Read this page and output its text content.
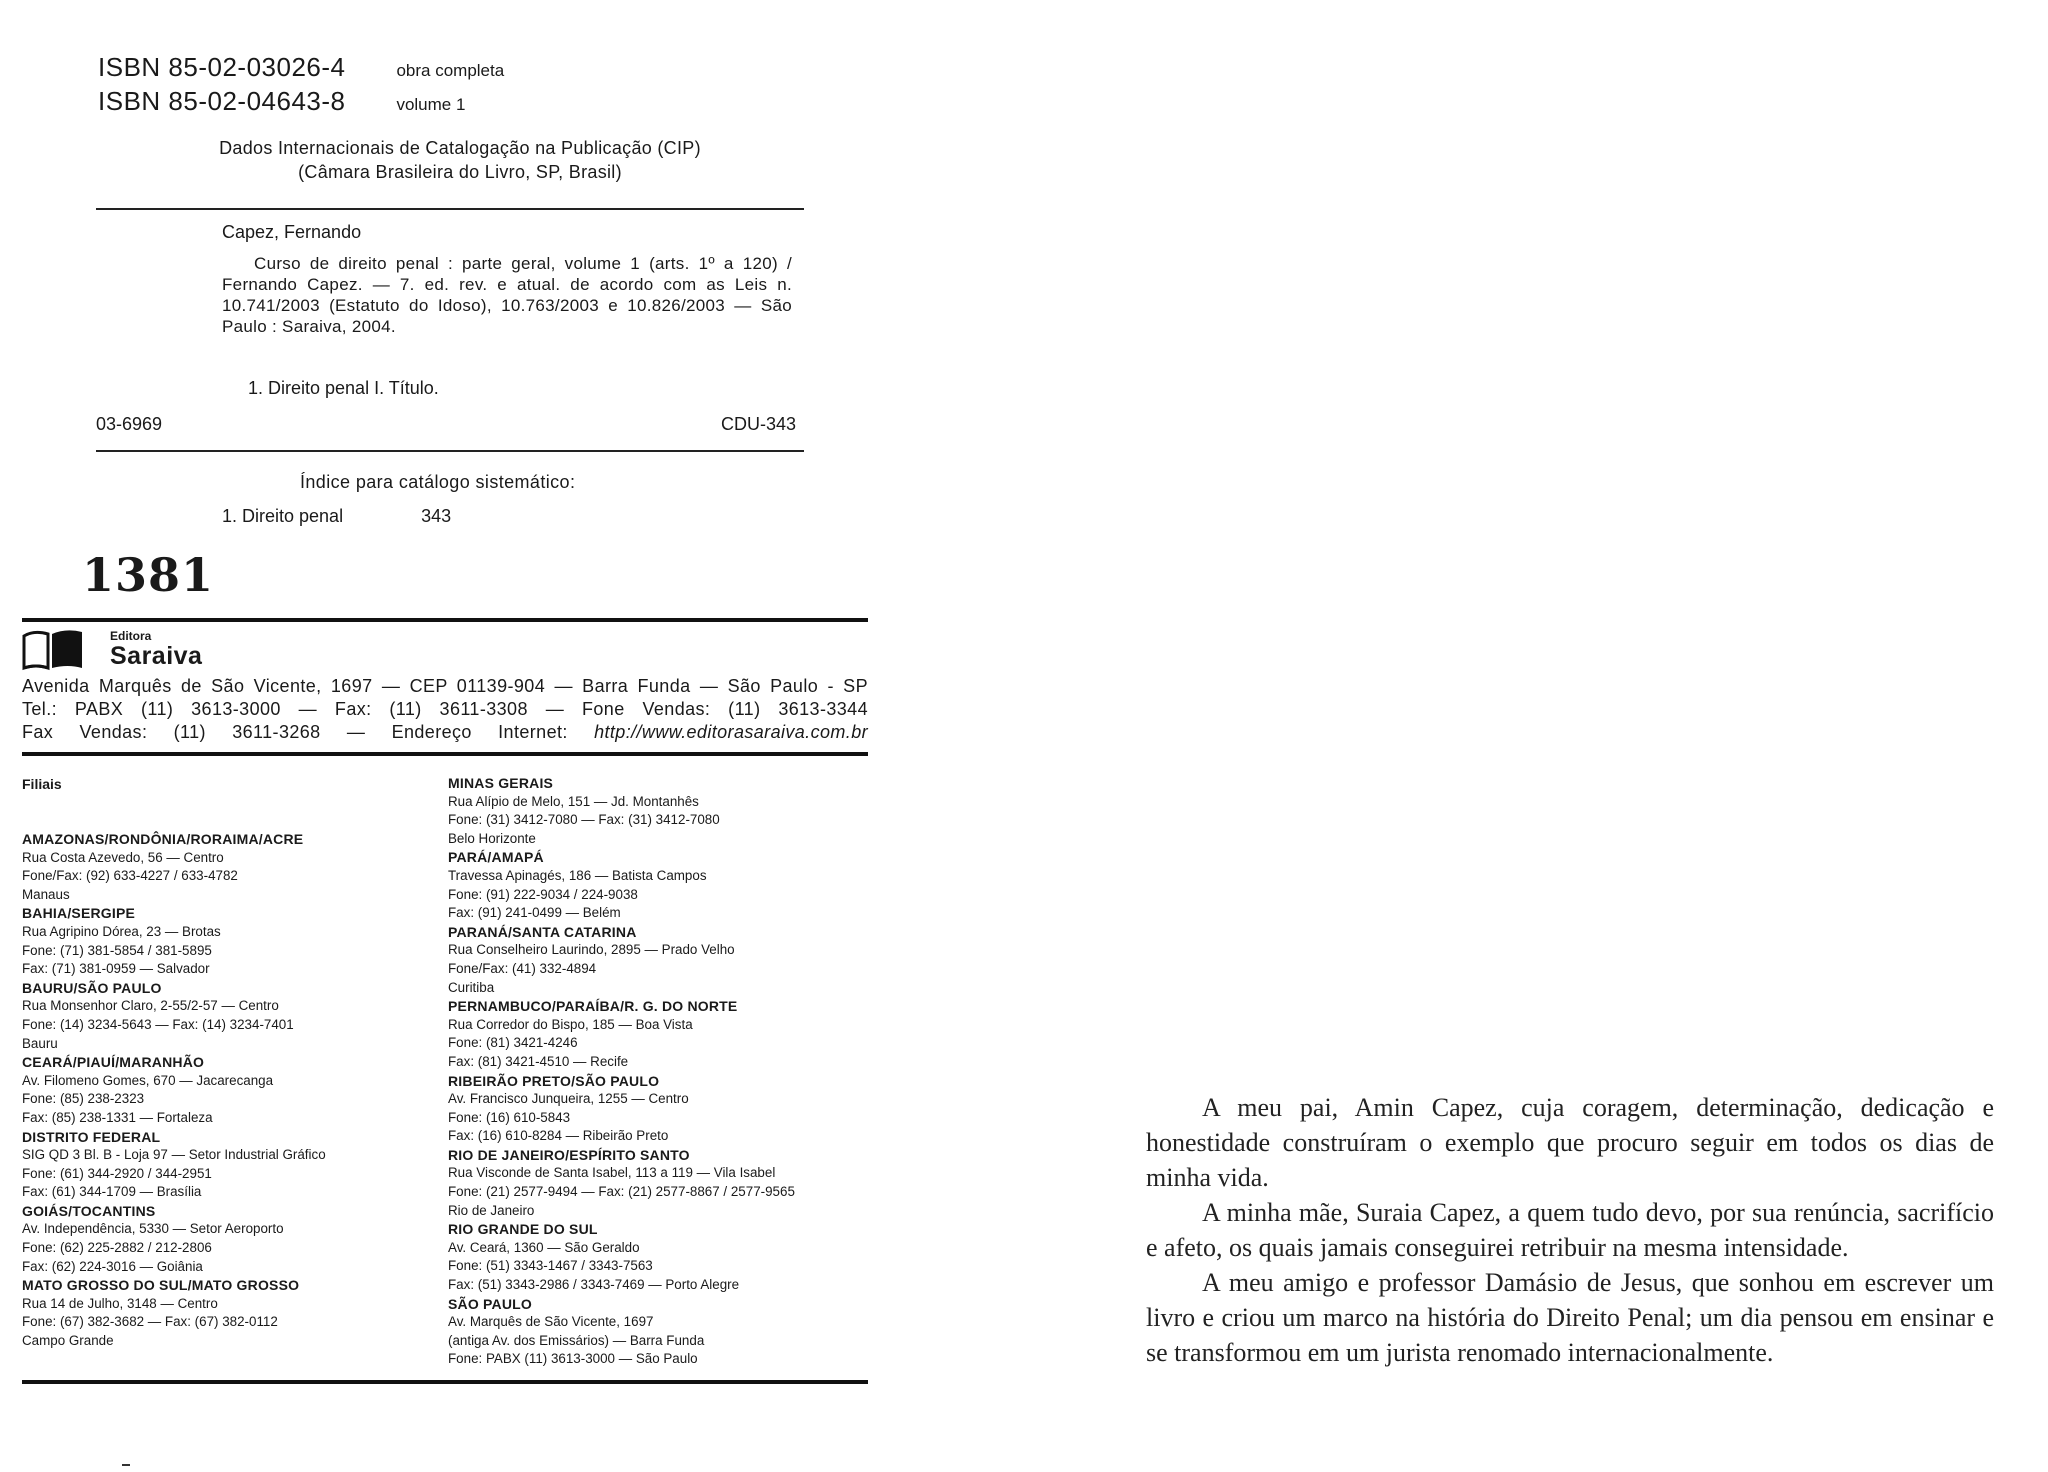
ISBN 85-02-03026-4	obra completa
ISBN 85-02-04643-8	volume 1
Dados Internacionais de Catalogação na Publicação (CIP)
(Câmara Brasileira do Livro, SP, Brasil)
Capez, Fernando
Curso de direito penal : parte geral, volume 1 (arts. 1º a 120) / Fernando Capez. — 7. ed. rev. e atual. de acordo com as Leis n. 10.741/2003 (Estatuto do Idoso), 10.763/2003 e 10.826/2003 — São Paulo : Saraiva, 2004.
1. Direito penal I. Título.
03-6969	CDU-343
Índice para catálogo sistemático:
1. Direito penal	343
1381
Editora
Saraiva
Avenida Marquês de São Vicente, 1697 — CEP 01139-904 — Barra Funda — São Paulo - SP
Tel.: PABX (11) 3613-3000 — Fax: (11) 3611-3308 — Fone Vendas: (11) 3613-3344
Fax Vendas: (11) 3611-3268 — Endereço Internet: http://www.editorasaraiva.com.br
Filiais
AMAZONAS/RONDÔNIA/RORAIMA/ACRE
Rua Costa Azevedo, 56 — Centro
Fone/Fax: (92) 633-4227 / 633-4782
Manaus
BAHIA/SERGIPE
Rua Agripino Dórea, 23 — Brotas
Fone: (71) 381-5854 / 381-5895
Fax: (71) 381-0959 — Salvador
BAURU/SÃO PAULO
Rua Monsenhor Claro, 2-55/2-57 — Centro
Fone: (14) 3234-5643 — Fax: (14) 3234-7401
Bauru
CEARÁ/PIAUÍ/MARANHÃO
Av. Filomeno Gomes, 670 — Jacarecanga
Fone: (85) 238-2323
Fax: (85) 238-1331 — Fortaleza
DISTRITO FEDERAL
SIG QD 3 Bl. B - Loja 97 — Setor Industrial Gráfico
Fone: (61) 344-2920 / 344-2951
Fax: (61) 344-1709 — Brasília
GOIÁS/TOCANTINS
Av. Independência, 5330 — Setor Aeroporto
Fone: (62) 225-2882 / 212-2806
Fax: (62) 224-3016 — Goiânia
MATO GROSSO DO SUL/MATO GROSSO
Rua 14 de Julho, 3148 — Centro
Fone: (67) 382-3682 — Fax: (67) 382-0112
Campo Grande
MINAS GERAIS
Rua Alípio de Melo, 151 — Jd. Montanhês
Fone: (31) 3412-7080 — Fax: (31) 3412-7080
Belo Horizonte
PARÁ/AMAPÁ
Travessa Apinagés, 186 — Batista Campos
Fone: (91) 222-9034 / 224-9038
Fax: (91) 241-0499 — Belém
PARANÁ/SANTA CATARINA
Rua Conselheiro Laurindo, 2895 — Prado Velho
Fone/Fax: (41) 332-4894
Curitiba
PERNAMBUCO/PARAÍBA/R. G. DO NORTE
Rua Corredor do Bispo, 185 — Boa Vista
Fone: (81) 3421-4246
Fax: (81) 3421-4510 — Recife
RIBEIRÃO PRETO/SÃO PAULO
Av. Francisco Junqueira, 1255 — Centro
Fone: (16) 610-5843
Fax: (16) 610-8284 — Ribeirão Preto
RIO DE JANEIRO/ESPÍRITO SANTO
Rua Visconde de Santa Isabel, 113 a 119 — Vila Isabel
Fone: (21) 2577-9494 — Fax: (21) 2577-8867 / 2577-9565
Rio de Janeiro
RIO GRANDE DO SUL
Av. Ceará, 1360 — São Geraldo
Fone: (51) 3343-1467 / 3343-7563
Fax: (51) 3343-2986 / 3343-7469 — Porto Alegre
SÃO PAULO
Av. Marquês de São Vicente, 1697
(antiga Av. dos Emissários) — Barra Funda
Fone: PABX (11) 3613-3000 — São Paulo

A meu pai, Amin Capez, cuja coragem, determinação, dedicação e honestidade construíram o exemplo que procuro seguir em todos os dias de minha vida.

A minha mãe, Suraia Capez, a quem tudo devo, por sua renúncia, sacrifício e afeto, os quais jamais conseguirei retribuir na mesma intensidade.

A meu amigo e professor Damásio de Jesus, que sonhou em escrever um livro e criou um marco na história do Direito Penal; um dia pensou em ensinar e se transformou em um jurista renomado internacionalmente.
